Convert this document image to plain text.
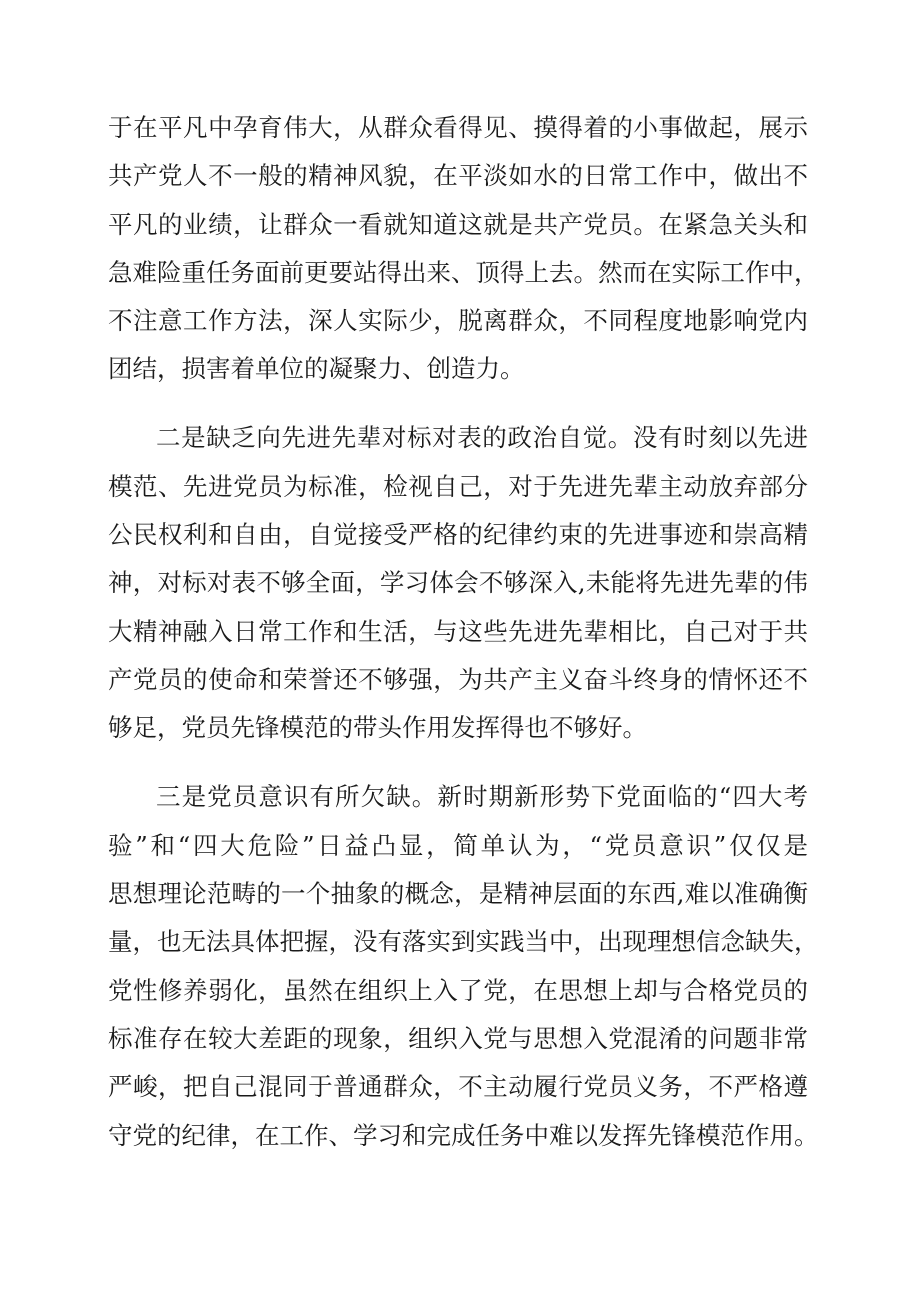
于在平凡中孕育伟大，从群众看得见、摸得着的小事做起，展示
共产党人不一般的精神风貌，在平淡如水的日常工作中，做出不
平凡的业绩，让群众一看就知道这就是共产党员。在紧急关头和
急难险重任务面前更要站得出来、顶得上去。然而在实际工作中，
不注意工作方法，深人实际少，脱离群众，不同程度地影响党内
团结，损害着单位的凝聚力、创造力。
二是缺乏向先进先辈对标对表的政治自觉。没有时刻以先进
模范、先进党员为标准，检视自己，对于先进先辈主动放弃部分
公民权利和自由，自觉接受严格的纪律约束的先进事迹和崇高精
神，对标对表不够全面，学习体会不够深入,未能将先进先辈的伟
大精神融入日常工作和生活，与这些先进先辈相比，自己对于共
产党员的使命和荣誉还不够强，为共产主义奋斗终身的情怀还不
够足，党员先锋模范的带头作用发挥得也不够好。
三是党员意识有所欠缺。新时期新形势下党面临的“四大考
验”和“四大危险”日益凸显，简单认为，“党员意识”仅仅是
思想理论范畴的一个抽象的概念，是精神层面的东西,难以准确衡
量，也无法具体把握，没有落实到实践当中，出现理想信念缺失，
党性修养弱化，虽然在组织上入了党，在思想上却与合格党员的
标准存在较大差距的现象，组织入党与思想入党混淆的问题非常
严峻，把自己混同于普通群众，不主动履行党员义务，不严格遵
守党的纪律，在工作、学习和完成任务中难以发挥先锋模范作用。
